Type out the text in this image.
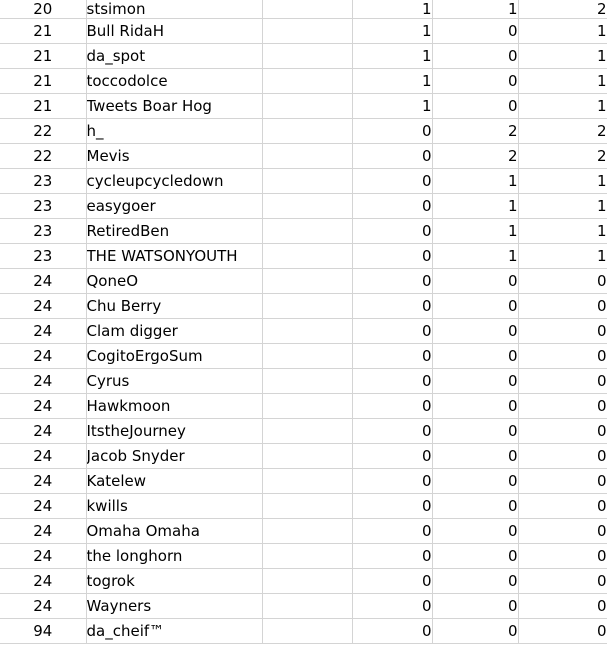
20	stsimon		1	1	2
21	Bull RidaH		1	0	1
21	da_spot		1	0	1
21	toccodolce		1	0	1
21	Tweets Boar Hog		1	0	1
22	h_		0	2	2
22	Mevis		0	2	2
23	cycleupcycledown		0	1	1
23	easygoer		0	1	1
23	RetiredBen		0	1	1
23	THE WATSONYOUTH		0	1	1
24	QoneO		0	0	0
24	Chu Berry		0	0	0
24	Clam digger		0	0	0
24	CogitoErgoSum		0	0	0
24	Cyrus		0	0	0
24	Hawkmoon		0	0	0
24	ItstheJourney		0	0	0
24	Jacob Snyder		0	0	0
24	Katelew		0	0	0
24	kwills		0	0	0
24	Omaha Omaha		0	0	0
24	the longhorn		0	0	0
24	togrok		0	0	0
24	Wayners		0	0	0
94	da_cheif™		0	0	0
